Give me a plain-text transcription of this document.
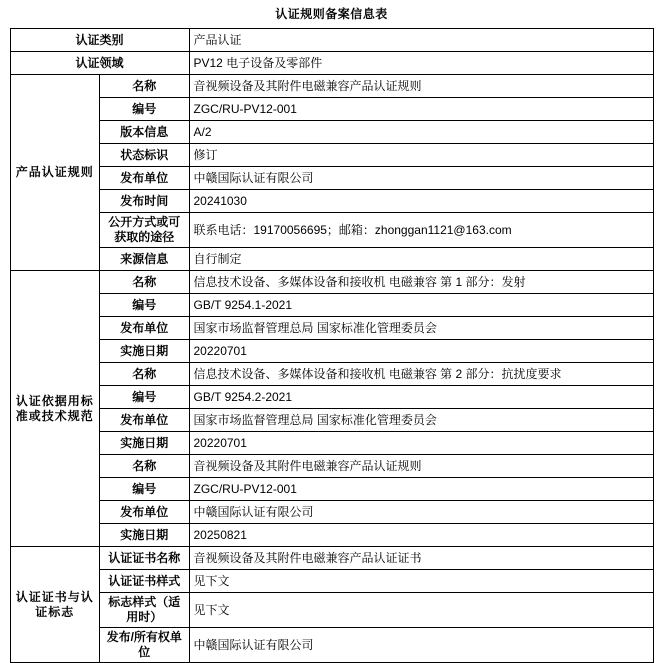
认证规则备案信息表
认证类别		产品认证
认证领域		PV12 电子设备及零部件
产品认证规则	名称	音视频设备及其附件电磁兼容产品认证规则
	编号	ZGC/RU-PV12-001
	版本信息	A/2
	状态标识	修订
	发布单位	中赣国际认证有限公司
	发布时间	20241030
	公开方式或可获取的途径	联系电话：19170056695；邮箱：zhonggan1121@163.com
	来源信息	自行制定
认证依据用标准或技术规范	名称	信息技术设备、多媒体设备和接收机 电磁兼容 第 1 部分：发射
	编号	GB/T 9254.1-2021
	发布单位	国家市场监督管理总局 国家标准化管理委员会
	实施日期	20220701
	名称	信息技术设备、多媒体设备和接收机 电磁兼容 第 2 部分：抗扰度要求
	编号	GB/T 9254.2-2021
	发布单位	国家市场监督管理总局 国家标准化管理委员会
	实施日期	20220701
	名称	音视频设备及其附件电磁兼容产品认证规则
	编号	ZGC/RU-PV12-001
	发布单位	中赣国际认证有限公司
	实施日期	20250821
认证证书与认证标志	认证证书名称	音视频设备及其附件电磁兼容产品认证证书
	认证证书样式	见下文
	标志样式（适用时）	见下文
	发布/所有权单位	中赣国际认证有限公司
